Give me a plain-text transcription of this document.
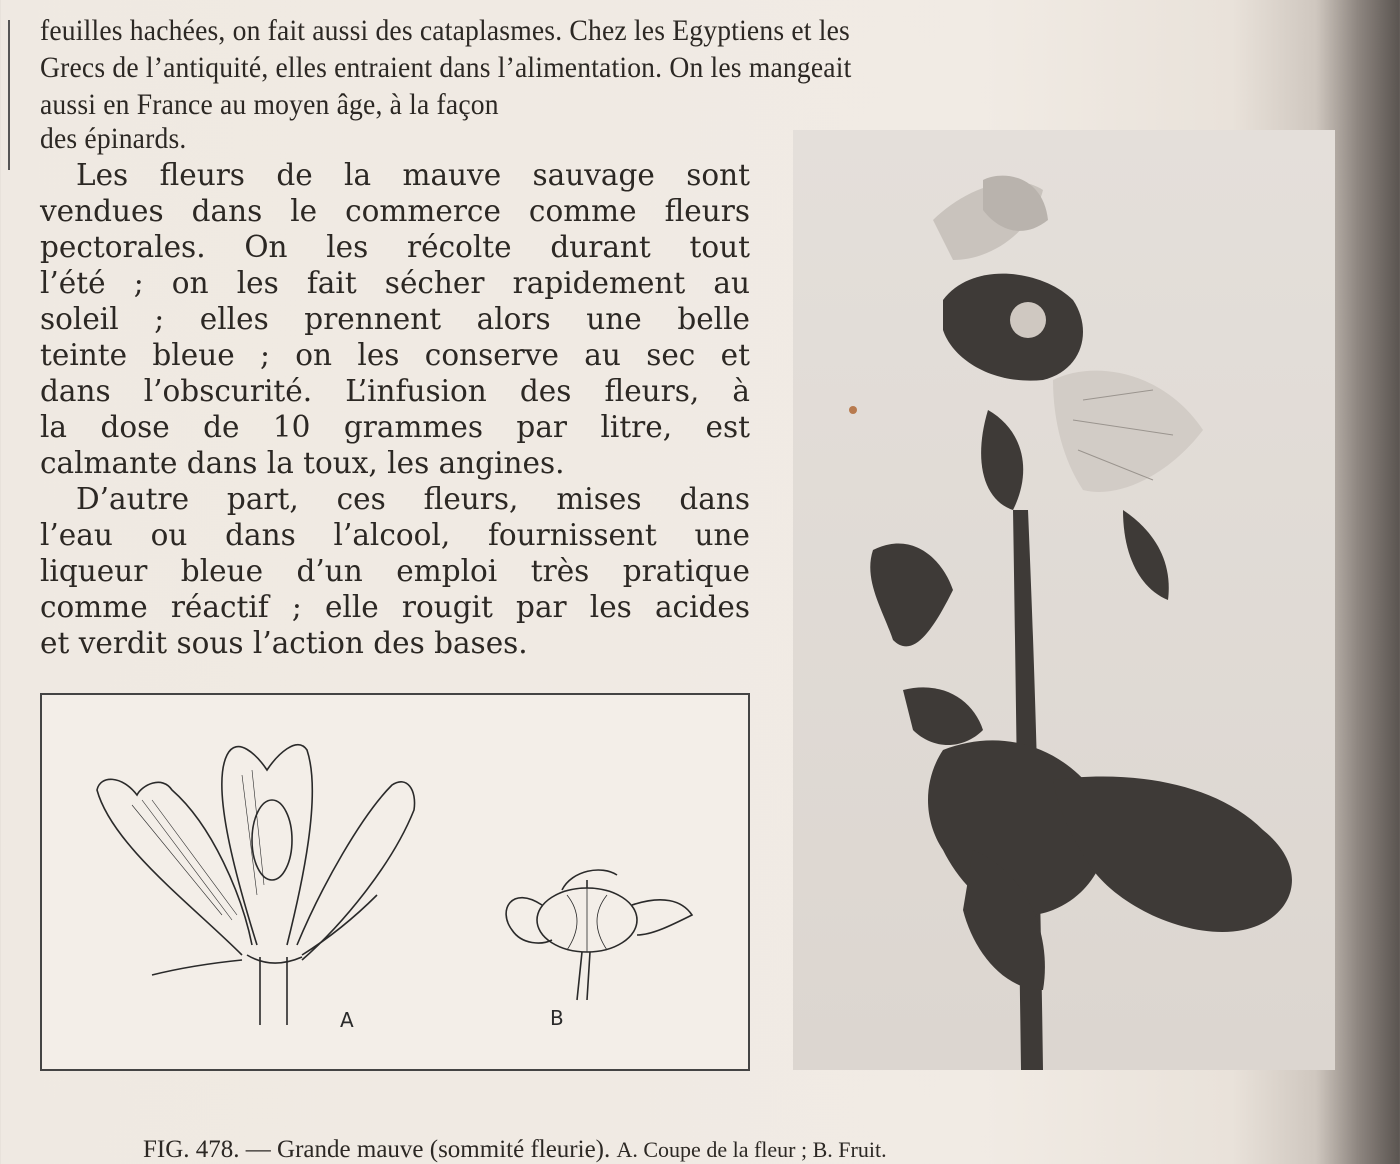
feuilles hachées, on fait aussi des cataplasmes. Chez les Egyptiens et les
Grecs de l’antiquité, elles entraient dans l’alimentation. On les mangeait
aussi en France au moyen âge, à la façon
des épinards.
Les fleurs de la mauve sauvage sont
vendues dans le commerce comme fleurs
pectorales. On les récolte durant tout
l’été ; on les fait sécher rapidement au
soleil ; elles prennent alors une belle
teinte bleue ; on les conserve au sec et
dans l’obscurité. L’infusion des fleurs, à
la dose de 10 grammes par litre, est
calmante dans la toux, les angines.
D’autre part, ces fleurs, mises dans
l’eau ou dans l’alcool, fournissent une
liqueur bleue d’un emploi très pratique
comme réactif ; elle rougit par les acides
et verdit sous l’action des bases.
A	B
FIG. 478. — Grande mauve (sommité fleurie). A. Coupe de la fleur ; B. Fruit.
